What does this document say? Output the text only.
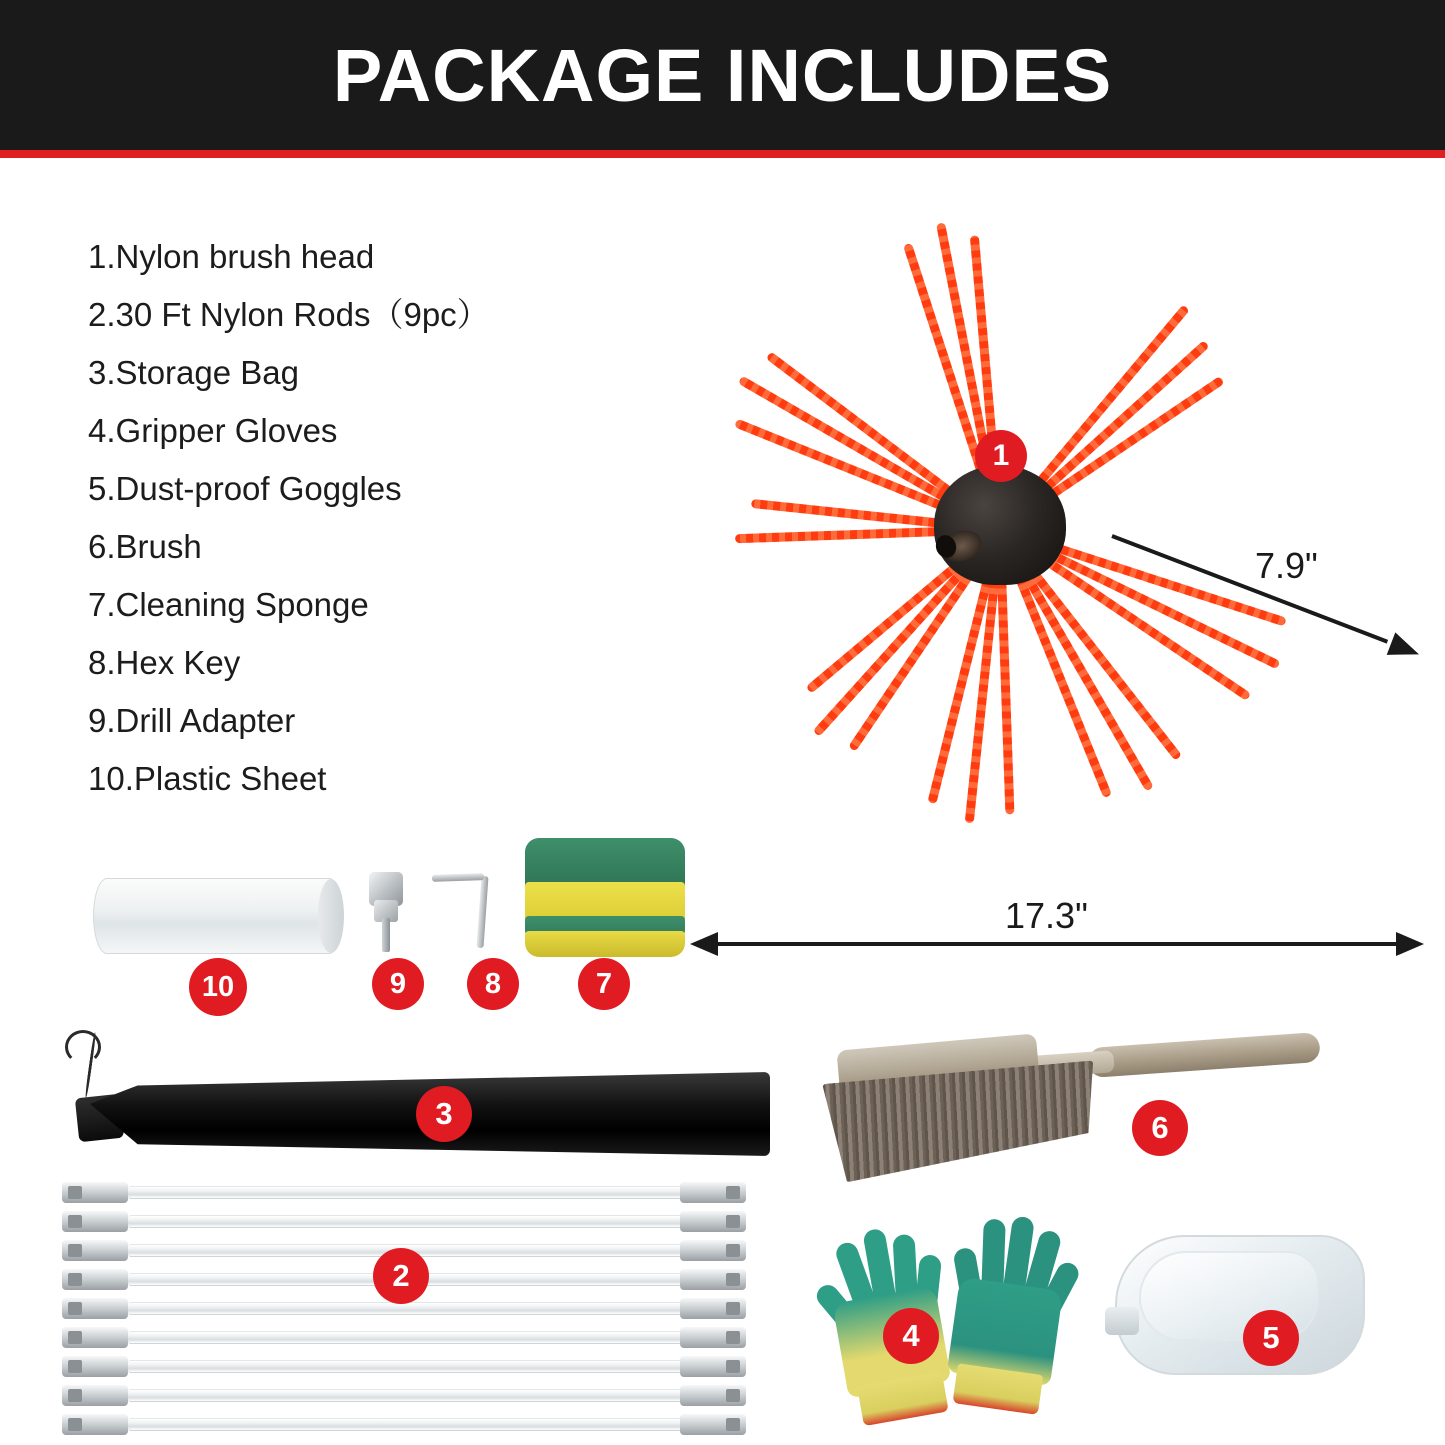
PACKAGE INCLUDES
1.Nylon brush head
2.30 Ft Nylon Rods（9pc）
3.Storage Bag
4.Gripper Gloves
5.Dust-proof Goggles
6.Brush
7.Cleaning Sponge
8.Hex Key
9.Drill Adapter
10.Plastic Sheet
1
7.9"
17.3"
10	9	8	7
3
2
6
4	5
